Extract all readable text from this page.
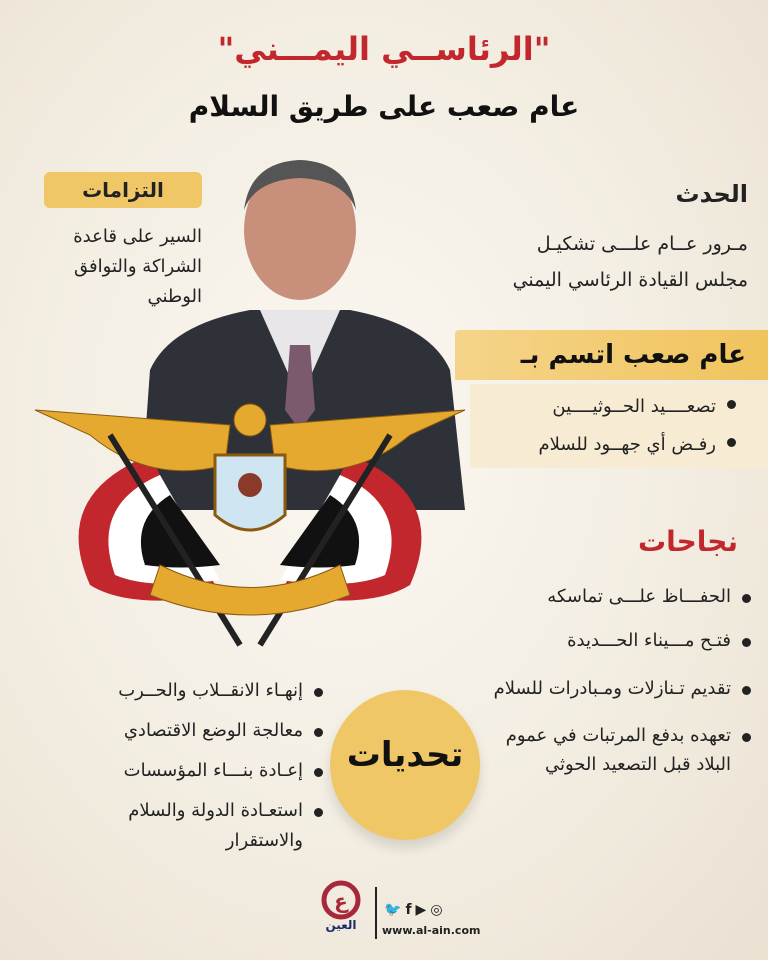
"الرئاســي اليمـــني"
عام صعب على طريق السلام
التزامات
السير على قاعدة
الشراكة والتوافق
الوطني
الحدث
مـرور عــام علـــى تشكيـل
مجلس القيادة الرئاسي اليمني
عام صعب اتسم بـ
تصعــــيد الحــوثيــــين
رفـض أي جهــود للسلام
نجاحات
الحفـــاظ علـــى تماسكه
فتـح مـــيناء الحـــديدة
تقديم تـنازلات ومـبادرات للسلام
تعهده بدفع المرتبات في عموم البلاد قبل التصعيد الحوثي
تحديات
إنهـاء الانقــلاب والحــرب
معالجة الوضع الاقتصادي
إعـادة بنـــاء المؤسسات
استعـادة الدولة والسلام والاستقرار
ع
العين
🐦f▶◎
www.al-ain.com
